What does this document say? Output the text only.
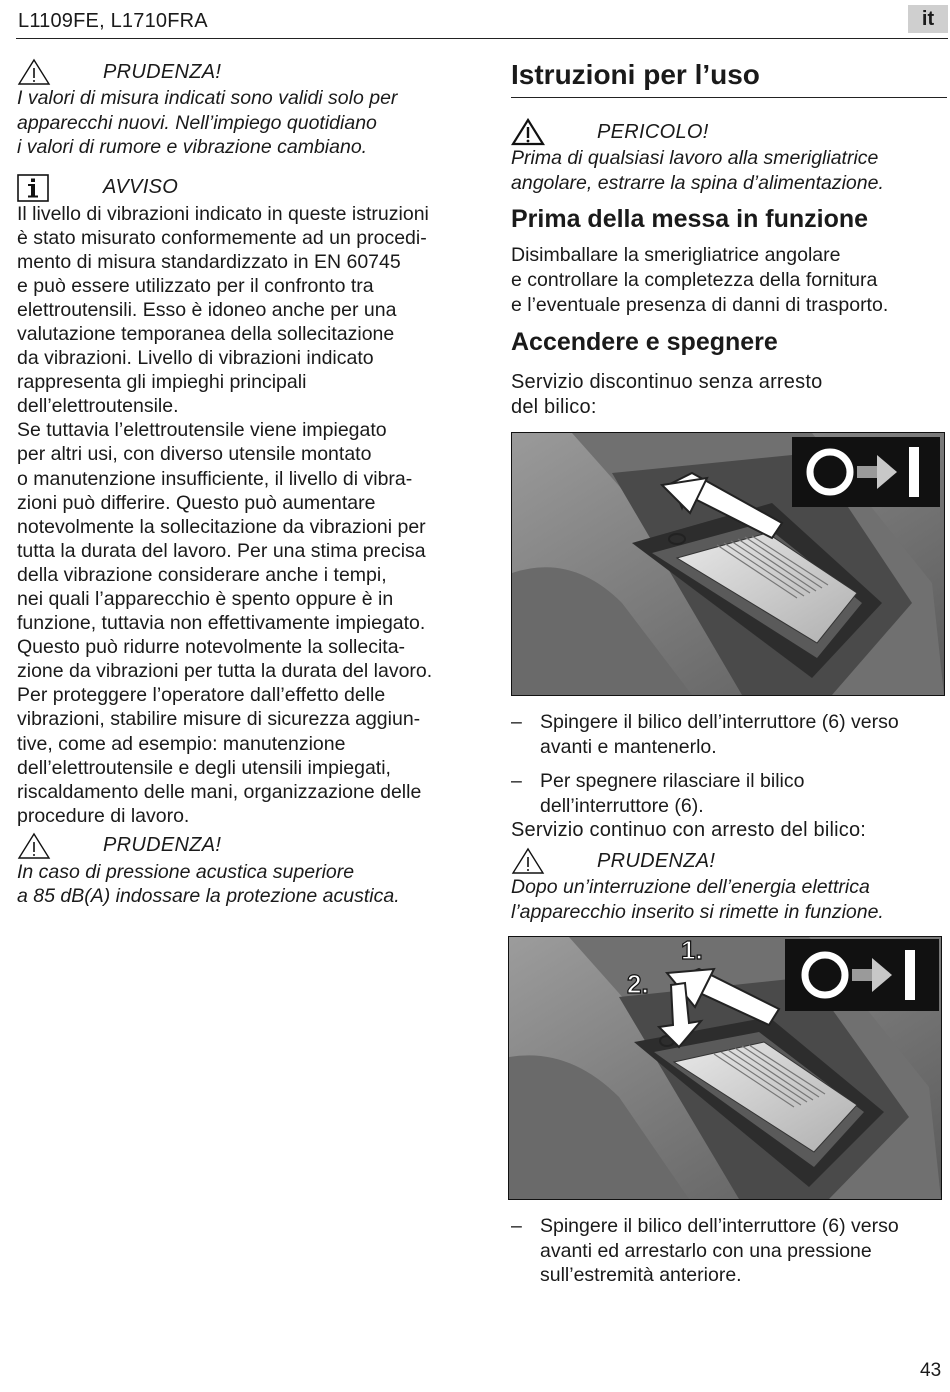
L1109FE, L1710FRA	it
PRUDENZA!
I valori di misura indicati sono validi solo per
apparecchi nuovi. Nell’impiego quotidiano
i valori di rumore e vibrazione cambiano.
AVVISO
Il livello di vibrazioni indicato in queste istruzioni
è stato misurato conformemente ad un procedi-
mento di misura standardizzato in EN 60745
e può essere utilizzato per il confronto tra
elettroutensili. Esso è idoneo anche per una
valutazione temporanea della sollecitazione
da vibrazioni. Livello di vibrazioni indicato
rappresenta gli impieghi principali
dell’elettroutensile.
Se tuttavia l’elettroutensile viene impiegato
per altri usi, con diverso utensile montato
o manutenzione insufficiente, il livello di vibra-
zioni può differire. Questo può aumentare
notevolmente la sollecitazione da vibrazioni per
tutta la durata del lavoro. Per una stima precisa
della vibrazione considerare anche i tempi,
nei quali l’apparecchio è spento oppure è in
funzione, tuttavia non effettivamente impiegato.
Questo può ridurre notevolmente la sollecita-
zione da vibrazioni per tutta la durata del lavoro.
Per proteggere l’operatore dall’effetto delle
vibrazioni, stabilire misure di sicurezza aggiun-
tive, come ad esempio: manutenzione
dell’elettroutensile e degli utensili impiegati,
riscaldamento delle mani, organizzazione delle
procedure di lavoro.
PRUDENZA!
In caso di pressione acustica superiore
a 85 dB(A) indossare la protezione acustica.
Istruzioni per l’uso
PERICOLO!
Prima di qualsiasi lavoro alla smerigliatrice
angolare, estrarre la spina d’alimentazione.
Prima della messa in funzione
Disimballare la smerigliatrice angolare
e controllare la completezza della fornitura
e l’eventuale presenza di danni di trasporto.
Accendere e spegnere
Servizio discontinuo senza arresto
del bilico:
– Spingere il bilico dell’interruttore (6) verso
avanti e mantenerlo.
– Per spegnere rilasciare il bilico
dell’interruttore (6).
Servizio continuo con arresto del bilico:
PRUDENZA!
Dopo un’interruzione dell’energia elettrica
l’apparecchio inserito si rimette in funzione.
1.
2.
– Spingere il bilico dell’interruttore (6) verso
avanti ed arrestarlo con una pressione
sull’estremità anteriore.
43
